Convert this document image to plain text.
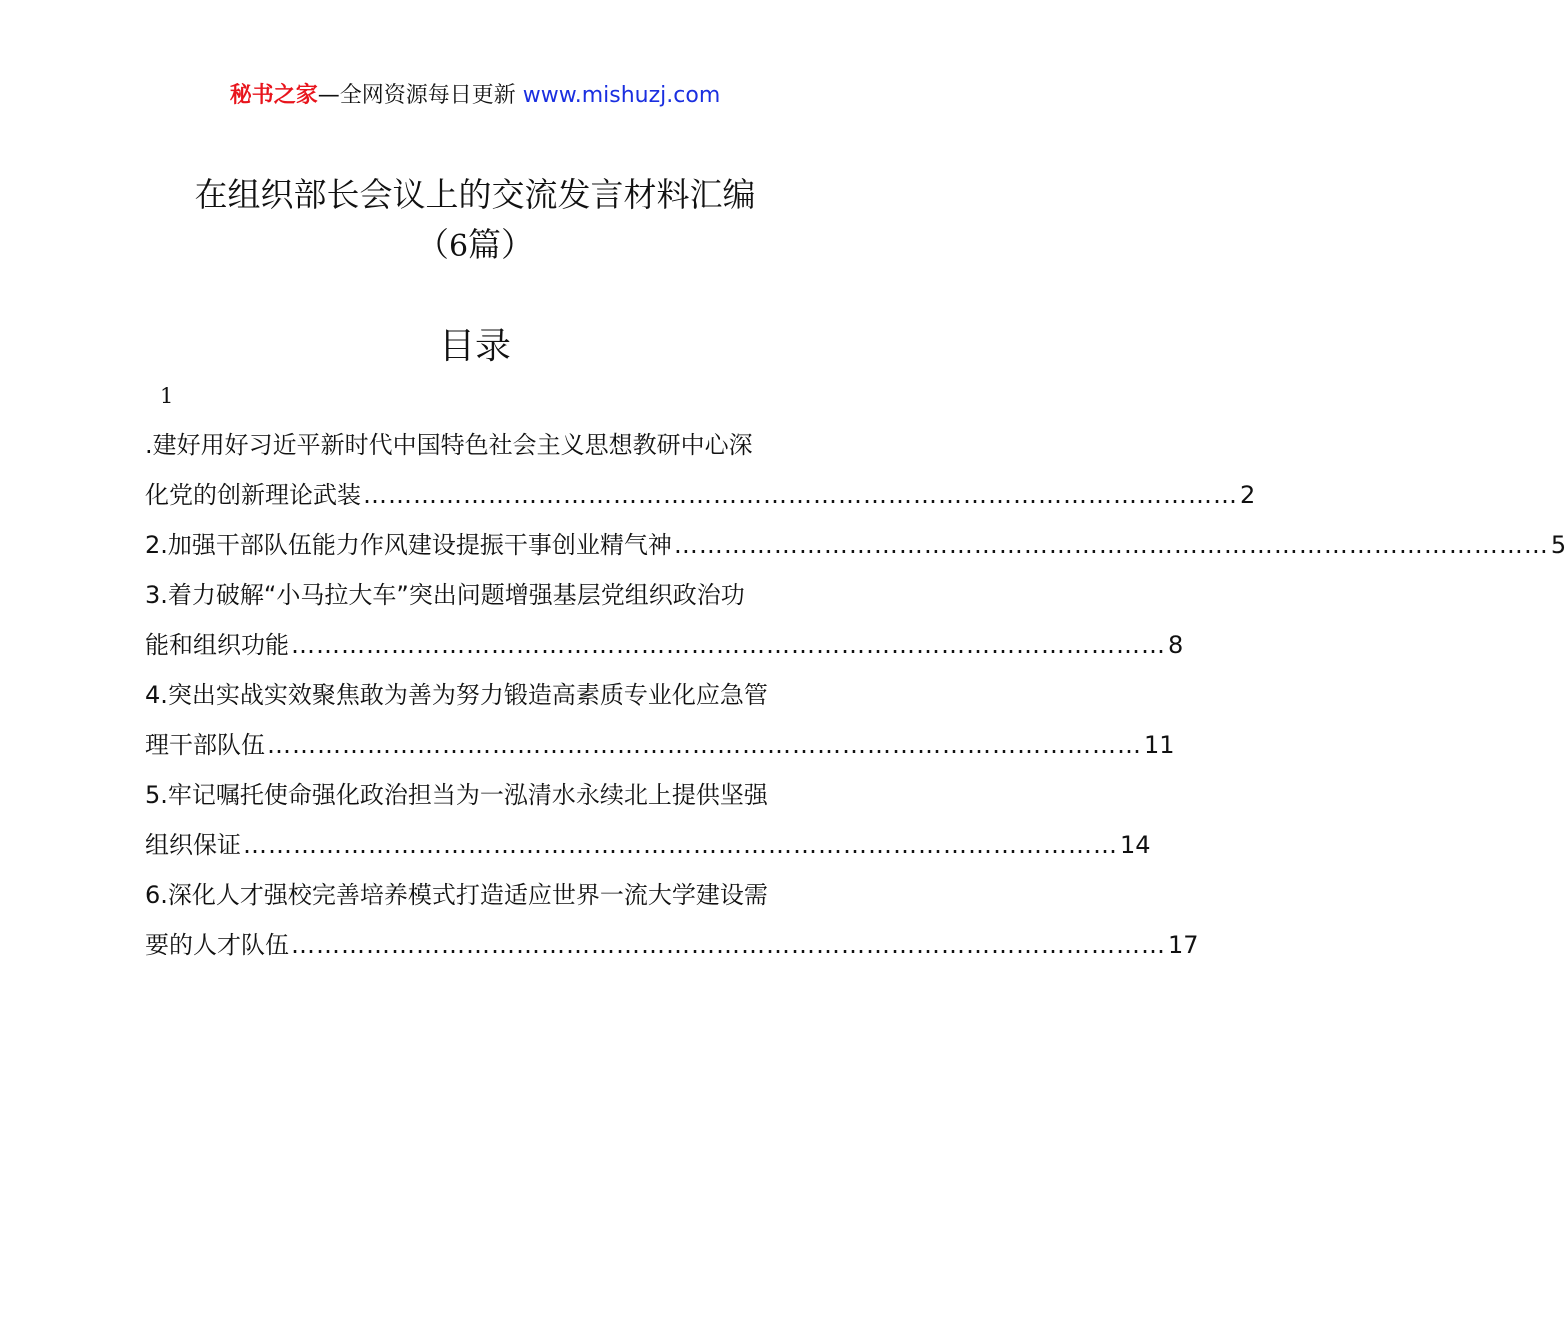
秘书之家—全网资源每日更新 www.mishuzj.com
在组织部长会议上的交流发言材料汇编
（6篇）
目录
1
.建好用好习近平新时代中国特色社会主义思想教研中心深
化党的创新理论武装 …………………………………………………………………………………………… 2
2.加强干部队伍能力作风建设提振干事创业精气神 …………………………………………………………………………………………… 5
3.着力破解“小马拉大车”突出问题增强基层党组织政治功
能和组织功能 …………………………………………………………………………………………… 8
4.突出实战实效聚焦敢为善为努力锻造高素质专业化应急管
理干部队伍 …………………………………………………………………………………………… 11
5.牢记嘱托使命强化政治担当为一泓清水永续北上提供坚强
组织保证 …………………………………………………………………………………………… 14
6.深化人才强校完善培养模式打造适应世界一流大学建设需
要的人才队伍 …………………………………………………………………………………………… 17
